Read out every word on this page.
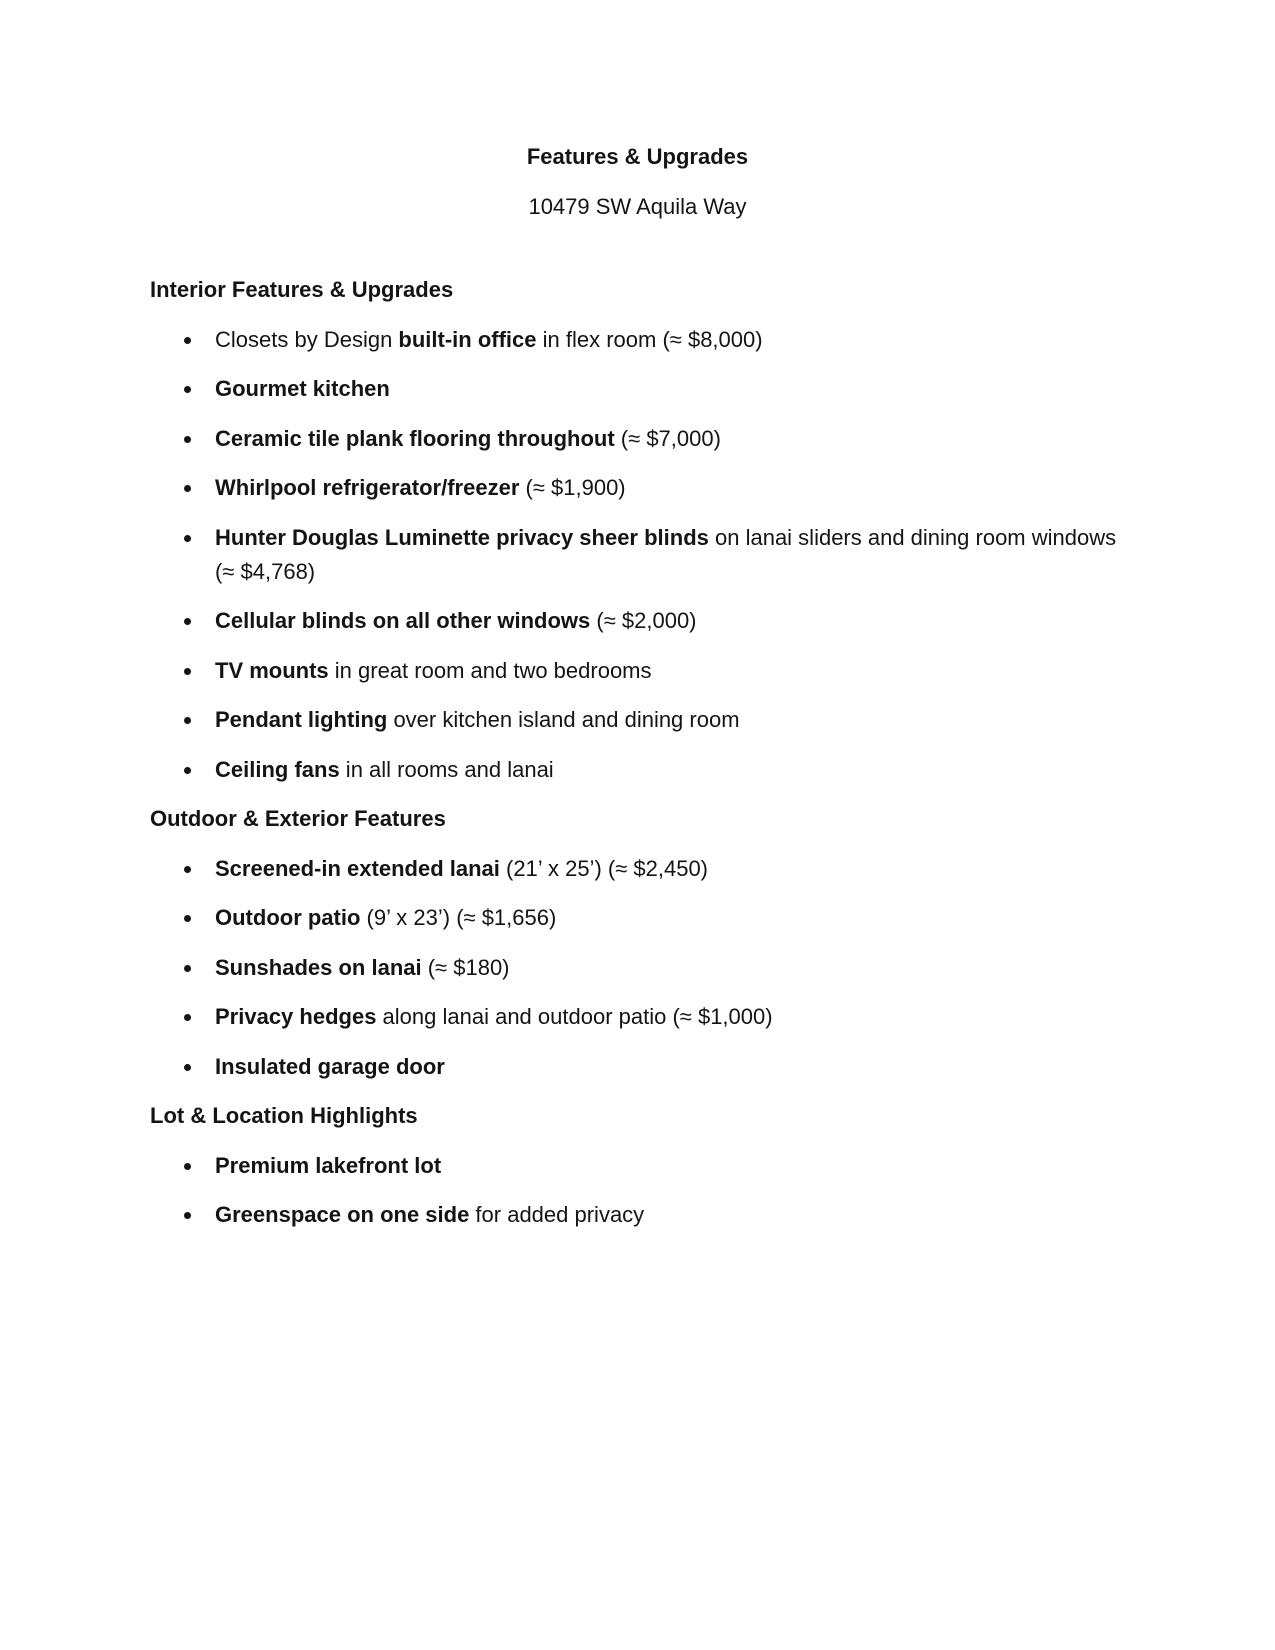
Features & Upgrades

10479 SW Aquila Way

Interior Features & Upgrades
Closets by Design built-in office in flex room (≈ $8,000)
Gourmet kitchen
Ceramic tile plank flooring throughout (≈ $7,000)
Whirlpool refrigerator/freezer (≈ $1,900)
Hunter Douglas Luminette privacy sheer blinds on lanai sliders and dining room windows (≈ $4,768)
Cellular blinds on all other windows (≈ $2,000)
TV mounts in great room and two bedrooms
Pendant lighting over kitchen island and dining room
Ceiling fans in all rooms and lanai
Outdoor & Exterior Features
Screened-in extended lanai (21’ x 25’) (≈ $2,450)
Outdoor patio (9’ x 23’) (≈ $1,656)
Sunshades on lanai (≈ $180)
Privacy hedges along lanai and outdoor patio (≈ $1,000)
Insulated garage door
Lot & Location Highlights
Premium lakefront lot
Greenspace on one side for added privacy
